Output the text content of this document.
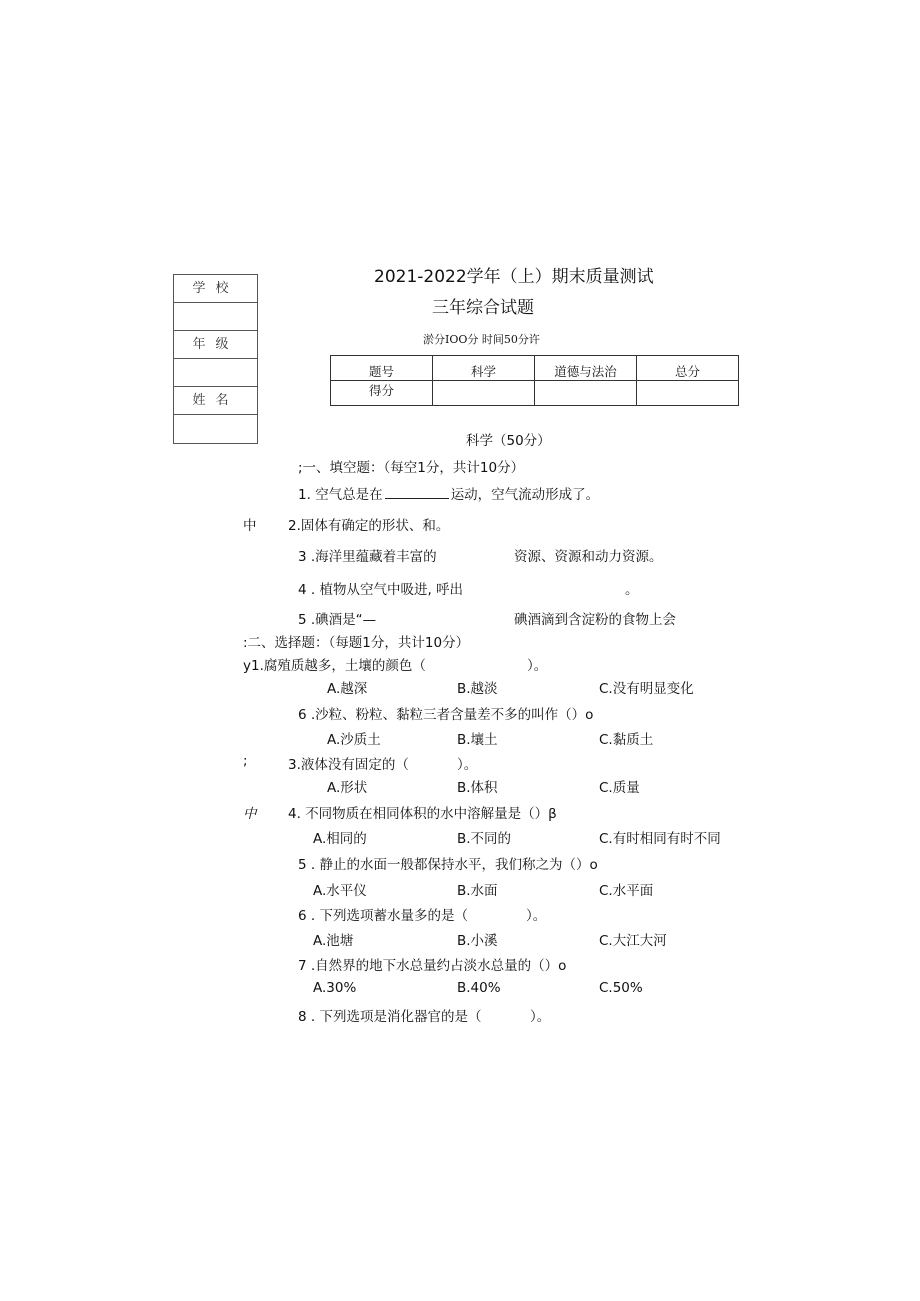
2021-2022学年（上）期末质量测试
三年综合试题
淤分IOO分 时间50分许
学校
年级
姓名
题号	科学	道德与法治	总分
得分			
科学（50分）
;一、填空题：（每空1分，共计10分）
1. 空气总是在	运动，空气流动形成了。
中 2.固体有确定的形状、和。
3 .海洋里蕴藏着丰富的	资源、资源和动力资源。
4 . 植物从空气中吸进, 呼出	。
5 .碘酒是“—	碘酒滴到含淀粉的食物上会
:二、选择题：（每题1分，共计10分）
y1.腐殖质越多，土壤的颜色（	）。
A.越深	B.越淡	C.没有明显变化
6 .沙粒、粉粒、黏粒三者含量差不多的叫作（）o
A.沙质土	B.壤土	C.黏质土
;	3.液体没有固定的（	）。
A.形状	B.体积	C.质量
中 4. 不同物质在相同体积的水中溶解量是（）β
A.相同的	B.不同的	C.有时相同有时不同
5 . 静止的水面一般都保持水平，我们称之为（）o
A.水平仪	B.水面	C.水平面
6 . 下列选项蓄水量多的是（	）。
A.池塘	B.小溪	C.大江大河
7 .自然界的地下水总量约占淡水总量的（）o
A.30%	B.40%	C.50%
8 . 下列选项是消化器官的是（	）。
